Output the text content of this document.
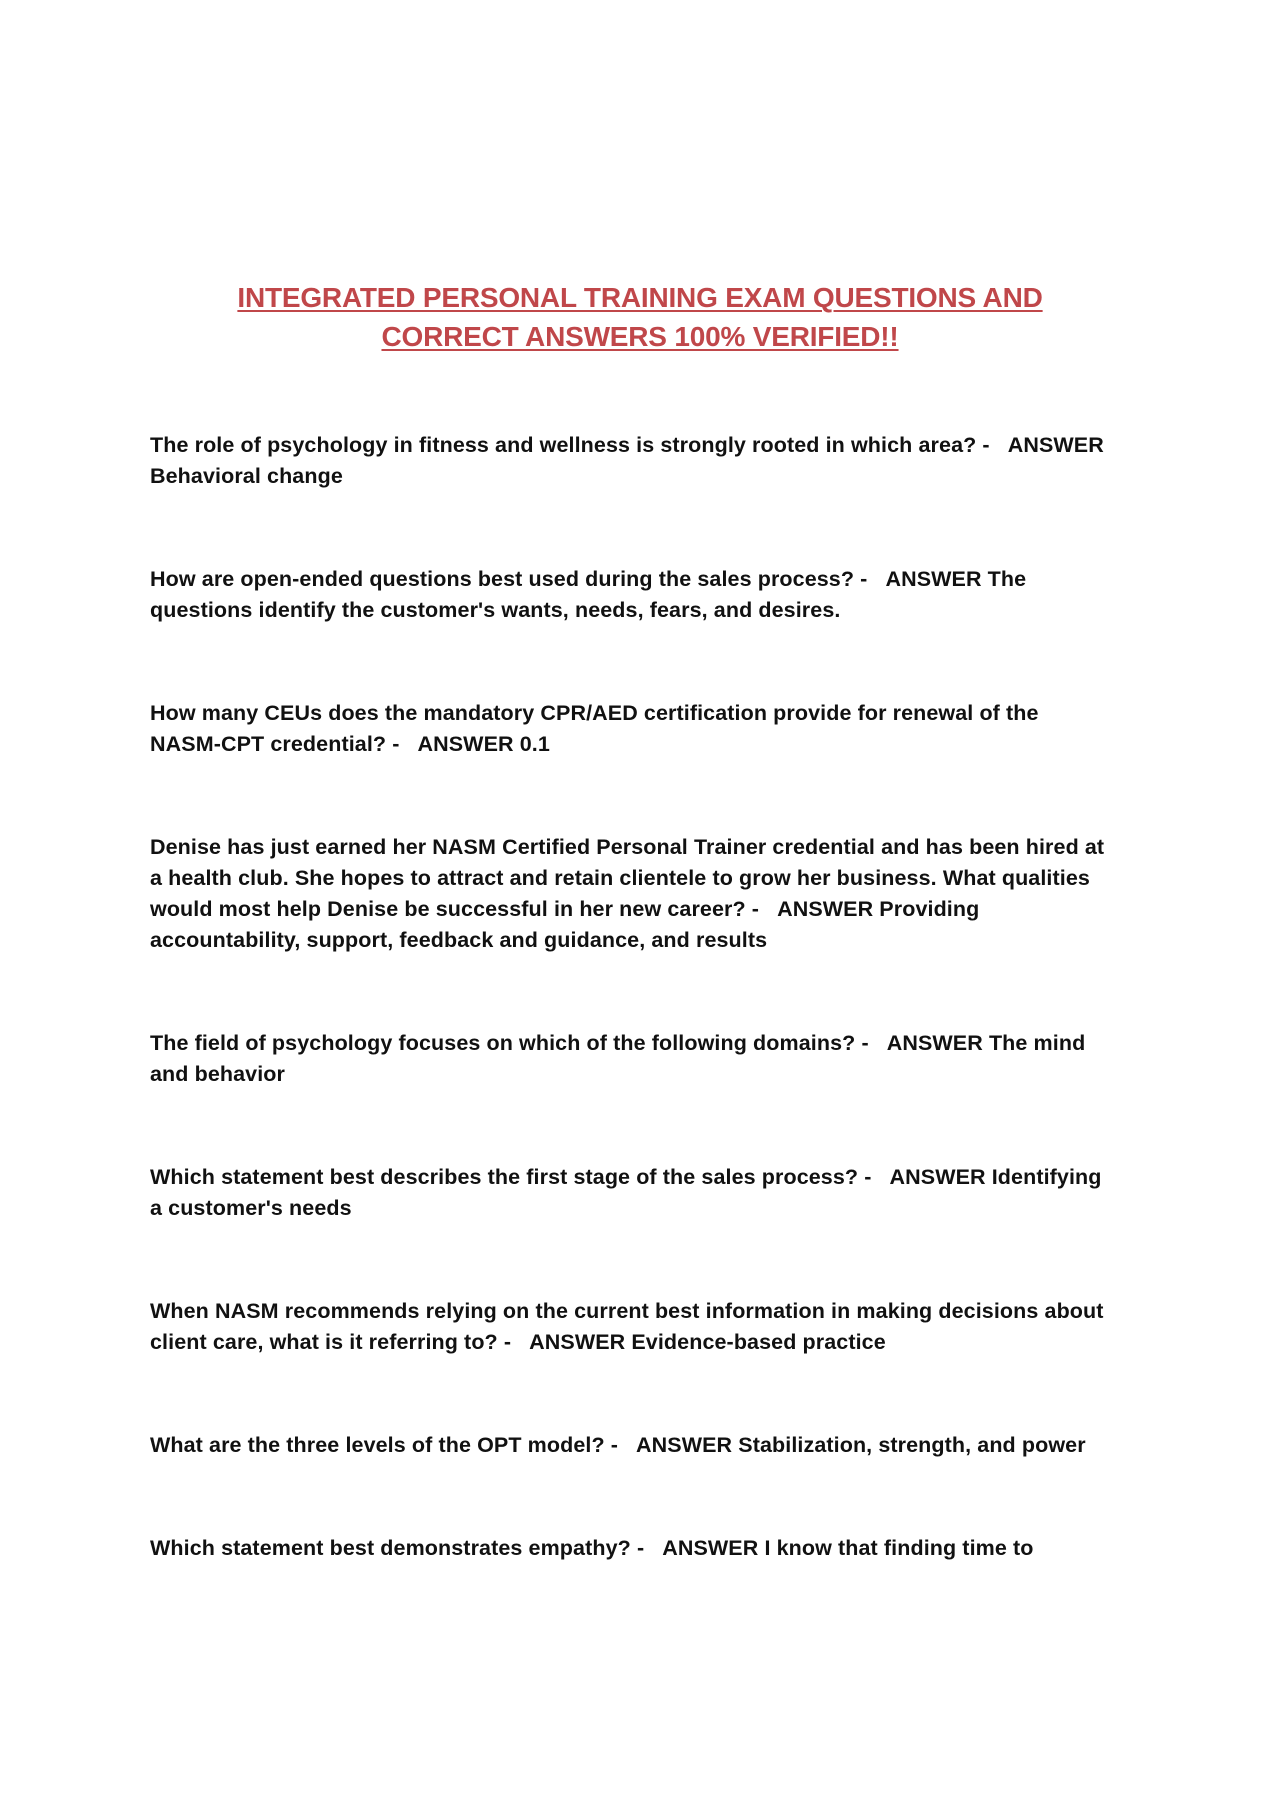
INTEGRATED PERSONAL TRAINING EXAM QUESTIONS AND
CORRECT ANSWERS 100% VERIFIED!!

The role of psychology in fitness and wellness is strongly rooted in which area? - ANSWER Behavioral change

How are open-ended questions best used during the sales process? - ANSWER The questions identify the customer's wants, needs, fears, and desires.

How many CEUs does the mandatory CPR/AED certification provide for renewal of the NASM-CPT credential? - ANSWER 0.1

Denise has just earned her NASM Certified Personal Trainer credential and has been hired at a health club. She hopes to attract and retain clientele to grow her business. What qualities would most help Denise be successful in her new career? - ANSWER Providing accountability, support, feedback and guidance, and results

The field of psychology focuses on which of the following domains? - ANSWER The mind and behavior

Which statement best describes the first stage of the sales process? - ANSWER Identifying a customer's needs

When NASM recommends relying on the current best information in making decisions about client care, what is it referring to? - ANSWER Evidence-based practice

What are the three levels of the OPT model? - ANSWER Stabilization, strength, and power

Which statement best demonstrates empathy? - ANSWER I know that finding time to
